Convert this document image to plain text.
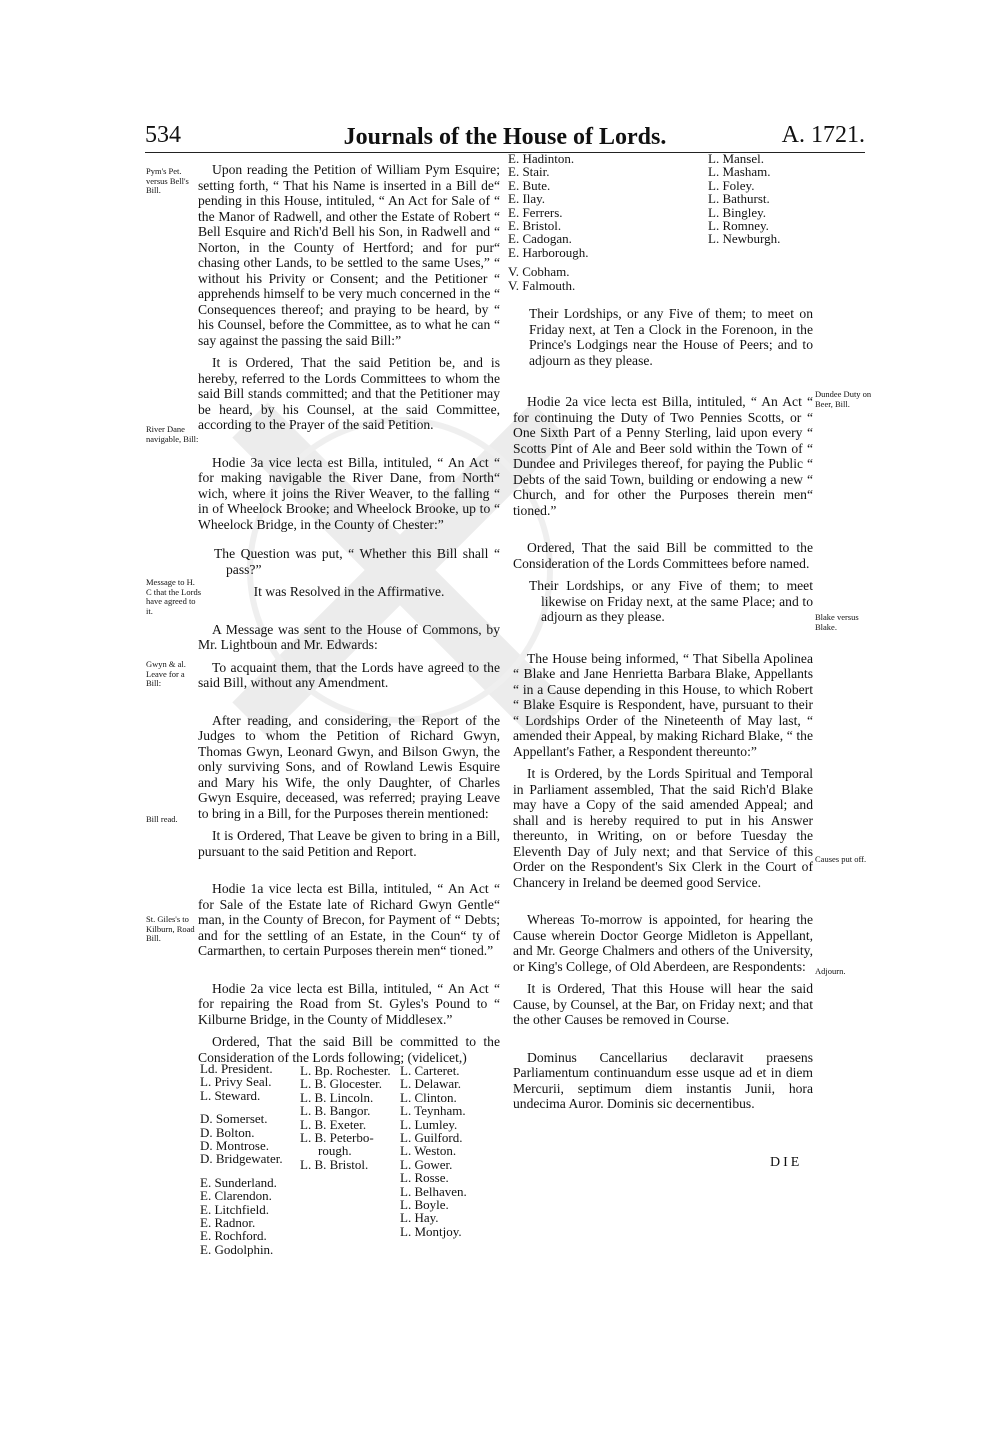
534	Journals of the House of Lords.	A. 1721.
Pym's Pet. versus Bell's Bill.
River Dane navigable, Bill:
Message to H. C that the Lords have agreed to it.
Gwyn & al. Leave for a Bill:
Bill read.
St. Giles's to Kilburn, Road Bill.
Dundee Duty on Beer, Bill.
Blake versus Blake.
Causes put off.
Adjourn.

Upon reading the Petition of William Pym Esquire; setting forth, “ That his Name is inserted in a Bill de“ pending in this House, intituled, “ An Act for Sale of “ the Manor of Radwell, and other the Estate of Robert “ Bell Esquire and Rich'd Bell his Son, in Radwell and “ Norton, in the County of Hertford; and for pur“ chasing other Lands, to be settled to the same Uses,” “ without his Privity or Consent; and the Petitioner “ apprehends himself to be very much concerned in the “ Consequences thereof; and praying to be heard, by “ his Counsel, before the Committee, as to what he can “ say against the passing the said Bill:”

It is Ordered, That the said Petition be, and is hereby, referred to the Lords Committees to whom the said Bill stands committed; and that the Petitioner may be heard, by his Counsel, at the said Committee, according to the Prayer of the said Petition.

Hodie 3a vice lecta est Billa, intituled, “ An Act “ for making navigable the River Dane, from North“ wich, where it joins the River Weaver, to the falling “ in of Wheelock Brooke; and Wheelock Brooke, up to “ Wheelock Bridge, in the County of Chester:”

The Question was put, “ Whether this Bill shall “ pass?”

It was Resolved in the Affirmative.

A Message was sent to the House of Commons, by Mr. Lightboun and Mr. Edwards:

To acquaint them, that the Lords have agreed to the said Bill, without any Amendment.

After reading, and considering, the Report of the Judges to whom the Petition of Richard Gwyn, Thomas Gwyn, Leonard Gwyn, and Bilson Gwyn, the only surviving Sons, and of Rowland Lewis Esquire and Mary his Wife, the only Daughter, of Charles Gwyn Esquire, deceased, was referred; praying Leave to bring in a Bill, for the Purposes therein mentioned:

It is Ordered, That Leave be given to bring in a Bill, pursuant to the said Petition and Report.

Hodie 1a vice lecta est Billa, intituled, “ An Act “ for Sale of the Estate late of Richard Gwyn Gentle“ man, in the County of Brecon, for Payment of “ Debts; and for the settling of an Estate, in the Coun“ ty of Carmarthen, to certain Purposes therein men“ tioned.”

Hodie 2a vice lecta est Billa, intituled, “ An Act “ for repairing the Road from St. Gyles's Pound to “ Kilburne Bridge, in the County of Middlesex.”

Ordered, That the said Bill be committed to the Consideration of the Lords following; (videlicet,)

Ld. President.
L. Privy Seal.
L. Steward.
D. Somerset.
D. Bolton.
D. Montrose.
D. Bridgewater.
E. Sunderland.
E. Clarendon.
E. Litchfield.
E. Radnor.
E. Rochford.
E. Godolphin.
L. Bp. Rochester.
L. B. Glocester.
L. B. Lincoln.
L. B. Bangor.
L. B. Exeter.
L. B. Peterbo-
rough.
L. B. Bristol.
L. Carteret.
L. Delawar.
L. Clinton.
L. Teynham.
L. Lumley.
L. Guilford.
L. Weston.
L. Gower.
L. Rosse.
L. Belhaven.
L. Boyle.
L. Hay.
L. Montjoy.
E. Hadinton.
E. Stair.
E. Bute.
E. Ilay.
E. Ferrers.
E. Bristol.
E. Cadogan.
E. Harborough.
V. Cobham.
V. Falmouth.
L. Mansel.
L. Masham.
L. Foley.
L. Bathurst.
L. Bingley.
L. Romney.
L. Newburgh.

Their Lordships, or any Five of them; to meet on Friday next, at Ten a Clock in the Forenoon, in the Prince's Lodgings near the House of Peers; and to adjourn as they please.

Hodie 2a vice lecta est Billa, intituled, “ An Act “ for continuing the Duty of Two Pennies Scotts, or “ One Sixth Part of a Penny Sterling, laid upon every “ Scotts Pint of Ale and Beer sold within the Town of “ Dundee and Privileges thereof, for paying the Public “ Debts of the said Town, building or endowing a new “ Church, and for other the Purposes therein men“ tioned.”

Ordered, That the said Bill be committed to the Consideration of the Lords Committees before named.

Their Lordships, or any Five of them; to meet likewise on Friday next, at the same Place; and to adjourn as they please.

The House being informed, “ That Sibella Apolinea “ Blake and Jane Henrietta Barbara Blake, Appellants “ in a Cause depending in this House, to which Robert “ Blake Esquire is Respondent, have, pursuant to their “ Lordships Order of the Nineteenth of May last, “ amended their Appeal, by making Richard Blake, “ the Appellant's Father, a Respondent thereunto:”

It is Ordered, by the Lords Spiritual and Temporal in Parliament assembled, That the said Rich'd Blake may have a Copy of the said amended Appeal; and shall and is hereby required to put in his Answer thereunto, in Writing, on or before Tuesday the Eleventh Day of July next; and that Service of this Order on the Respondent's Six Clerk in the Court of Chancery in Ireland be deemed good Service.

Whereas To-morrow is appointed, for hearing the Cause wherein Doctor George Midleton is Appellant, and Mr. George Chalmers and others of the University, or King's College, of Old Aberdeen, are Respondents:

It is Ordered, That this House will hear the said Cause, by Counsel, at the Bar, on Friday next; and that the other Causes be removed in Course.

Dominus Cancellarius declaravit praesens Parliamentum continuandum esse usque ad et in diem Mercurii, septimum diem instantis Junii, hora undecima Auror. Dominis sic decernentibus.

DIE
